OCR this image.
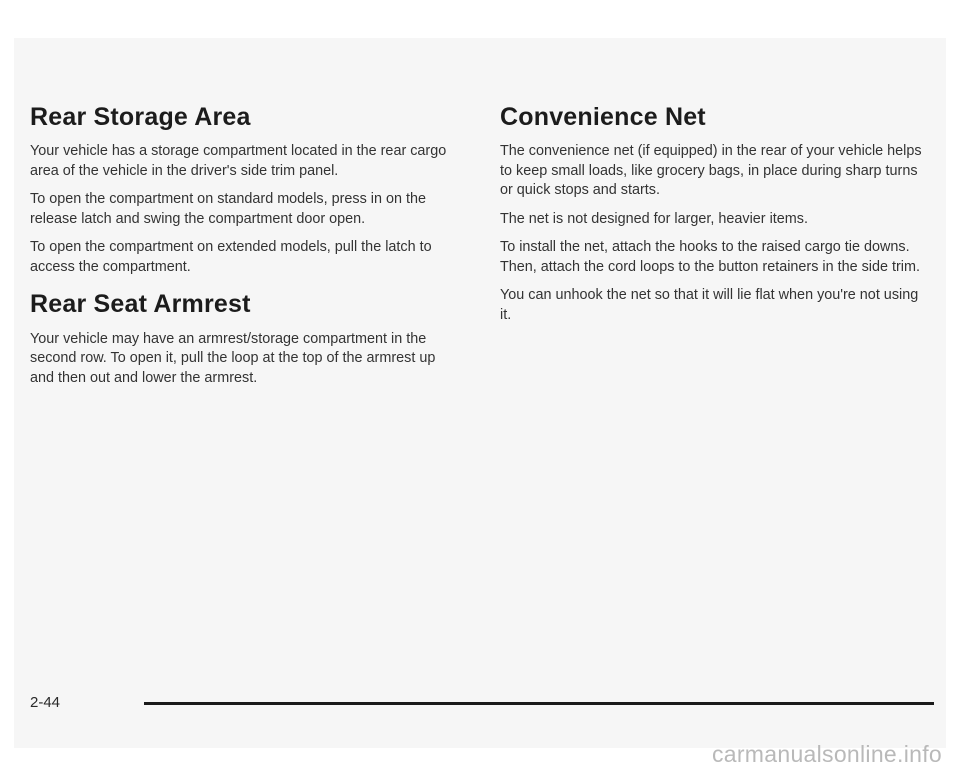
Rear Storage Area

Your vehicle has a storage compartment located in the rear cargo area of the vehicle in the driver's side trim panel.

To open the compartment on standard models, press in on the release latch and swing the compartment door open.

To open the compartment on extended models, pull the latch to access the compartment.

Rear Seat Armrest

Your vehicle may have an armrest/storage compartment in the second row. To open it, pull the loop at the top of the armrest up and then out and lower the armrest.

Convenience Net

The convenience net (if equipped) in the rear of your vehicle helps to keep small loads, like grocery bags, in place during sharp turns or quick stops and starts.

The net is not designed for larger, heavier items.

To install the net, attach the hooks to the raised cargo tie downs. Then, attach the cord loops to the button retainers in the side trim.

You can unhook the net so that it will lie flat when you're not using it.

2-44
carmanualsonline.info
